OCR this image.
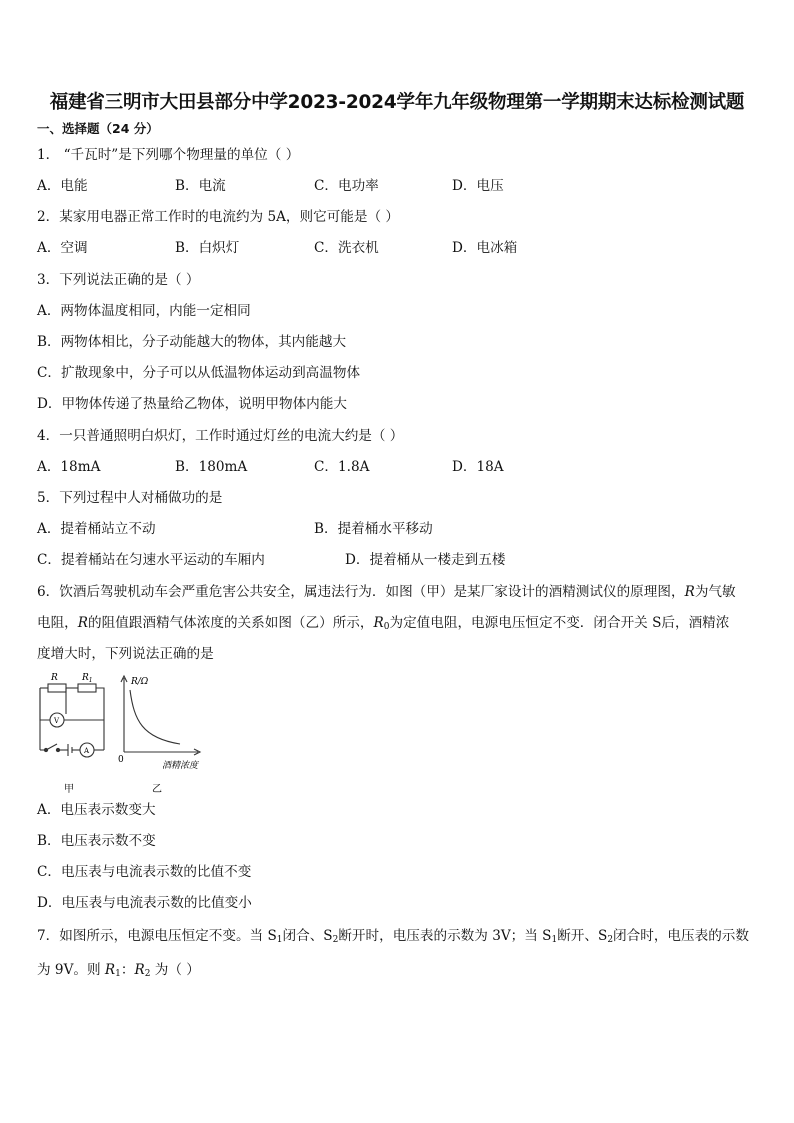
福建省三明市大田县部分中学2023-2024学年九年级物理第一学期期末达标检测试题
一、选择题（24 分）
1． “千瓦时”是下列哪个物理量的单位（ ）
A．电能	B．电流	C．电功率	D．电压
2．某家用电器正常工作时的电流约为 5A，则它可能是（ ）
A．空调	B．白炽灯	C．洗衣机	D．电冰箱
3．下列说法正确的是（ ）
A．两物体温度相同，内能一定相同
B．两物体相比，分子动能越大的物体，其内能越大
C．扩散现象中，分子可以从低温物体运动到高温物体
D．甲物体传递了热量给乙物体，说明甲物体内能大
4．一只普通照明白炽灯，工作时通过灯丝的电流大约是（ ）
A．18mA	B．180mA	C．1.8A	D．18A
5．下列过程中人对桶做功的是
A．提着桶站立不动	B．提着桶水平移动
C．提着桶站在匀速水平运动的车厢内	D．提着桶从一楼走到五楼
6．饮酒后驾驶机动车会严重危害公共安全，属违法行为．如图（甲）是某厂家设计的酒精测试仪的原理图，R为气敏
电阻，R的阻值跟酒精气体浓度的关系如图（乙）所示，$R_0$为定值电阻，电源电压恒定不变．闭合开关 S后，酒精浓
度增大时，下列说法正确的是
R	$R_1$
V
A
R/Ω
0
酒精浓度
甲	乙
A．电压表示数变大
B．电压表示数不变
C．电压表与电流表示数的比值不变
D．电压表与电流表示数的比值变小
7．如图所示，电源电压恒定不变。当 $S_1$闭合、$S_2$断开时，电压表的示数为 3V；当 $S_1$断开、$S_2$闭合时，电压表的示数
为 9V。则 $R_1$：$R_2$ 为（ ）
